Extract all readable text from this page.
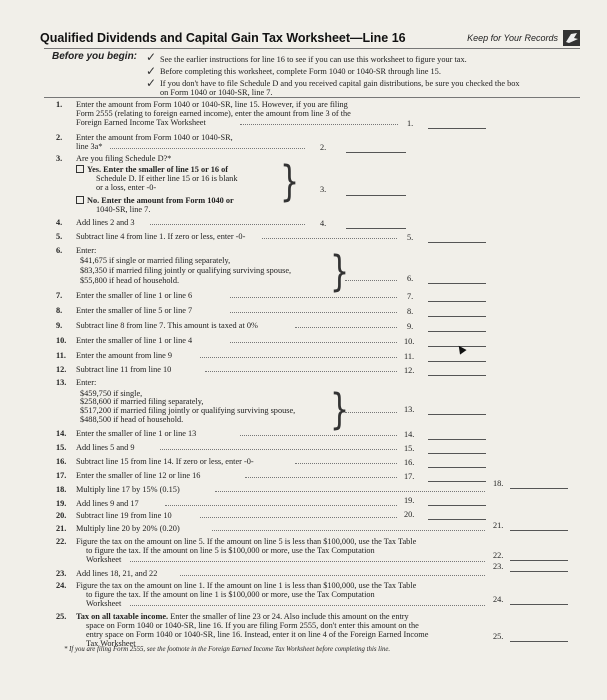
Qualified Dividends and Capital Gain Tax Worksheet—Line 16	Keep for Your Records
Before you begin: ✓
✓
✓
See the earlier instructions for line 16 to see if you can use this worksheet to figure your tax.
Before completing this worksheet, complete Form 1040 or 1040-SR through line 15.
If you don't have to file Schedule D and you received capital gain distributions, be sure you checked the box
on Form 1040 or 1040-SR, line 7.
1. Enter the amount from Form 1040 or 1040-SR, line 15. However, if you are filing
Form 2555 (relating to foreign earned income), enter the amount from line 3 of the
Foreign Earned Income Tax Worksheet	1.
2. Enter the amount from Form 1040 or 1040-SR,
line 3a*	2.
3. Are you filing Schedule D?*
Yes. Enter the smaller of line 15 or 16 of
Schedule D. If either line 15 or 16 is blank
or a loss, enter -0-
No. Enter the amount from Form 1040 or
1040-SR, line 7.
}	3.
4. Add lines 2 and 3	4.
5. Subtract line 4 from line 1. If zero or less, enter -0-	5.
6. Enter:
$41,675 if single or married filing separately,
$83,350 if married filing jointly or qualifying surviving spouse,
$55,800 if head of household.	}	6.
7. Enter the smaller of line 1 or line 6	7.
8. Enter the smaller of line 5 or line 7	8.
9. Subtract line 8 from line 7. This amount is taxed at 0%	9.
10. Enter the smaller of line 1 or line 4	10.
11. Enter the amount from line 9	11.
12. Subtract line 11 from line 10	12.
13. Enter:
$459,750 if single,
$258,600 if married filing separately,
$517,200 if married filing jointly or qualifying surviving spouse,
$488,500 if head of household.	}	13.
14. Enter the smaller of line 1 or line 13	14.
15. Add lines 5 and 9	15.
16. Subtract line 15 from line 14. If zero or less, enter -0-	16.
17. Enter the smaller of line 12 or line 16	17.
18. Multiply line 17 by 15% (0.15)
18.
19. Add lines 9 and 17	19.
20. Subtract line 19 from line 10	20.
21. Multiply line 20 by 20% (0.20)	21.
22. Figure the tax on the amount on line 5. If the amount on line 5 is less than $100,000, use the Tax Table
to figure the tax. If the amount on line 5 is $100,000 or more, use the Tax Computation
Worksheet	22.
23. Add lines 18, 21, and 22
23.
24. Figure the tax on the amount on line 1. If the amount on line 1 is less than $100,000, use the Tax Table
to figure the tax. If the amount on line 1 is $100,000 or more, use the Tax Computation
Worksheet	24.
25. Tax on all taxable income. Enter the smaller of line 23 or 24. Also include this amount on the entry
space on Form 1040 or 1040-SR, line 16. If you are filing Form 2555, don't enter this amount on the
entry space on Form 1040 or 1040-SR, line 16. Instead, enter it on line 4 of the Foreign Earned Income
Tax Worksheet
25.
* If you are filing Form 2555, see the footnote in the Foreign Earned Income Tax Worksheet before completing this line.
